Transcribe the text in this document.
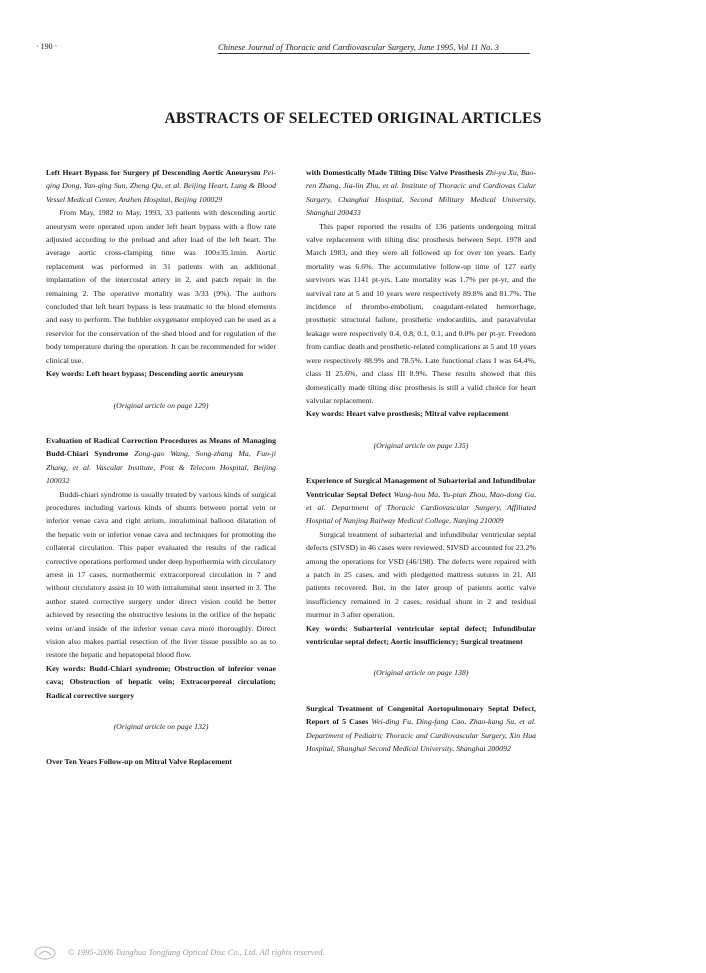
· 190 ·	Chinese Journal of Thoracic and Cardiovascular Surgery, June 1995, Vol 11 No. 3
ABSTRACTS OF SELECTED ORIGINAL ARTICLES

Left Heart Bypass for Surgery pf Descending Aortic Aneurysm Pei-qing Dong, Yan-qing Sun, Zheng Qu, et al. Beijing Heart, Lung & Blood Vessel Medical Center, Anzhen Hospital, Beijing 100029

From May, 1982 to May, 1993, 33 patients with descending aortic aneurysm were operated upon under left heart bypass with a flow rate adjusted according to the preload and after load of the left heart. The average aortic cross-clamping time was 100±35.1min. Aortic replacement was performed in 31 patients with an additional implantation of the intercostal artery in 2, and patch repair in the remaining 2. The operative mortality was 3/33 (9%). The authors concluded that left heart bypass is less traumatic to the blood elements and easy to perform. The bubbler oxygenator employed can be used as a reservior for the conservation of the shed blood and for regulation of the body temperature during the operation. It can be recommended for wider clinical use.

Key words: Left heart bypass; Descending aortic aneurysm

(Original article on page 129)

Evaluation of Radical Correction Procedures as Means of Managing Budd-Chiari Syndrome Zong-gao Wang, Song-zhang Ma, Fun-ji Zhang, et al. Vascular Institute, Post & Telecom Hospital, Beijing 100032

Buddi-chiari syndrome is usually treated by various kinds of surgical procedures including various kinds of shunts between portal vein or inferior venae cava and right atrium, intraluminal balloon dilatation of the hepatic vein or inferior venae cava and techniques for promoting the collateral circulation. This paper evaluated the results of the radical corrective operations performed under deep hypothermia with circulatory arrest in 17 cases, normothermic extracorporeal circulation in 7 and without circulatory assist in 10 with intraluminal stent inserted in 3. The author stated corrective surgery under direct vision could be better achieved by resecting the obstructive lesions in the orifice of the hepatic veins or/and inside of the inferior venae cava more thoroughly. Direct vision also makes partial resection of the liver tissue possible so as to restore the hepatic and hepatopetal blood flow.

Key words: Budd-Chiari syndrome; Obstruction of inferior venae cava; Obstruction of hepatic vein; Extracorporeal circulation; Radical corrective surgery

(Original article on page 132)

Over Ten Years Follow-up on Mitral Valve Replacement

with Domestically Made Tilting Disc Valve Prosthesis Zhi-yu Xu, Bao-ren Zhang, Jia-lin Zhu, et al. Institute of Thoracic and Cardiovas Cular Surgery, Changhai Hospital, Second Military Medical University, Shanghai 200433

This paper reported the results of 136 patients undergoing mitral valve replacement with tilting disc prosthesis between Sept. 1978 and March 1983, and they were all followed up for over ten years. Early mortality was 6.6%. The accumulative follow-up time of 127 early survivors was 1141 pt-yrs. Late mortality was 1.7% per pt-yr, and the survival rate at 5 and 10 years were respectively 89.8% and 81.7%. The incidence of thrombo-embolism, coagulant-related hemorrhage, prosthetic structural failure, prosthetic endocarditis, and paravalvular leakage were respectively 0.4, 0.8, 0.1, 0.1, and 0.0% per pt-yr. Freedom from cardiac death and prosthetic-related complications at 5 and 10 years were respectively 88.9% and 78.5%. Late functional class I was 64.4%, class II 25.6%, and class III 8.9%. These results showed that this domestically made tilting disc prosthesis is still a valid choice for heart valvular replacement.

Key words: Heart valve prosthesis; Mitral valve replacement

(Original article on page 135)

Experience of Surgical Management of Subarterial and Infundibular Ventricular Septal Defect Wang-hou Ma, Yu-pian Zhou, Mao-dong Gu, et al. Department of Thoracic Cardiovascular Surgery, Affiliated Hospital of Nanjing Railway Medical College, Nanjing 210009

Surgical treatment of subarterial and infundibular ventricular septal defects (SIVSD) in 46 cases were reviewed. SIVSD accounted for 23.2% among the operations for VSD (46/198). The defects were repaired with a patch in 25 cases, and with pledgetted mattress sutures in 21. All patients recovered. But, in the later group of patients aortic valve insufficiency remained in 2 cases, residual shunt in 2 and residual murmur in 3 after operation.

Key words: Subarterial ventricular septal defect; Infundibular ventricular septal defect; Aortic insufficiency; Surgical treatment

(Original article on page 138)

Surgical Treatment of Congenital Aortopulmonary Septal Defect, Report of 5 Cases Wei-ding Fu, Ding-fang Cao, Zhao-kang Su, et al. Department of Pediatric Thoracic and Cardiovascular Surgery, Xin Hua Hospital, Shanghai Second Medical University, Shanghai 200092

© 1995-2006 Tsinghua Tongfang Optical Disc Co., Ltd. All rights reserved.
